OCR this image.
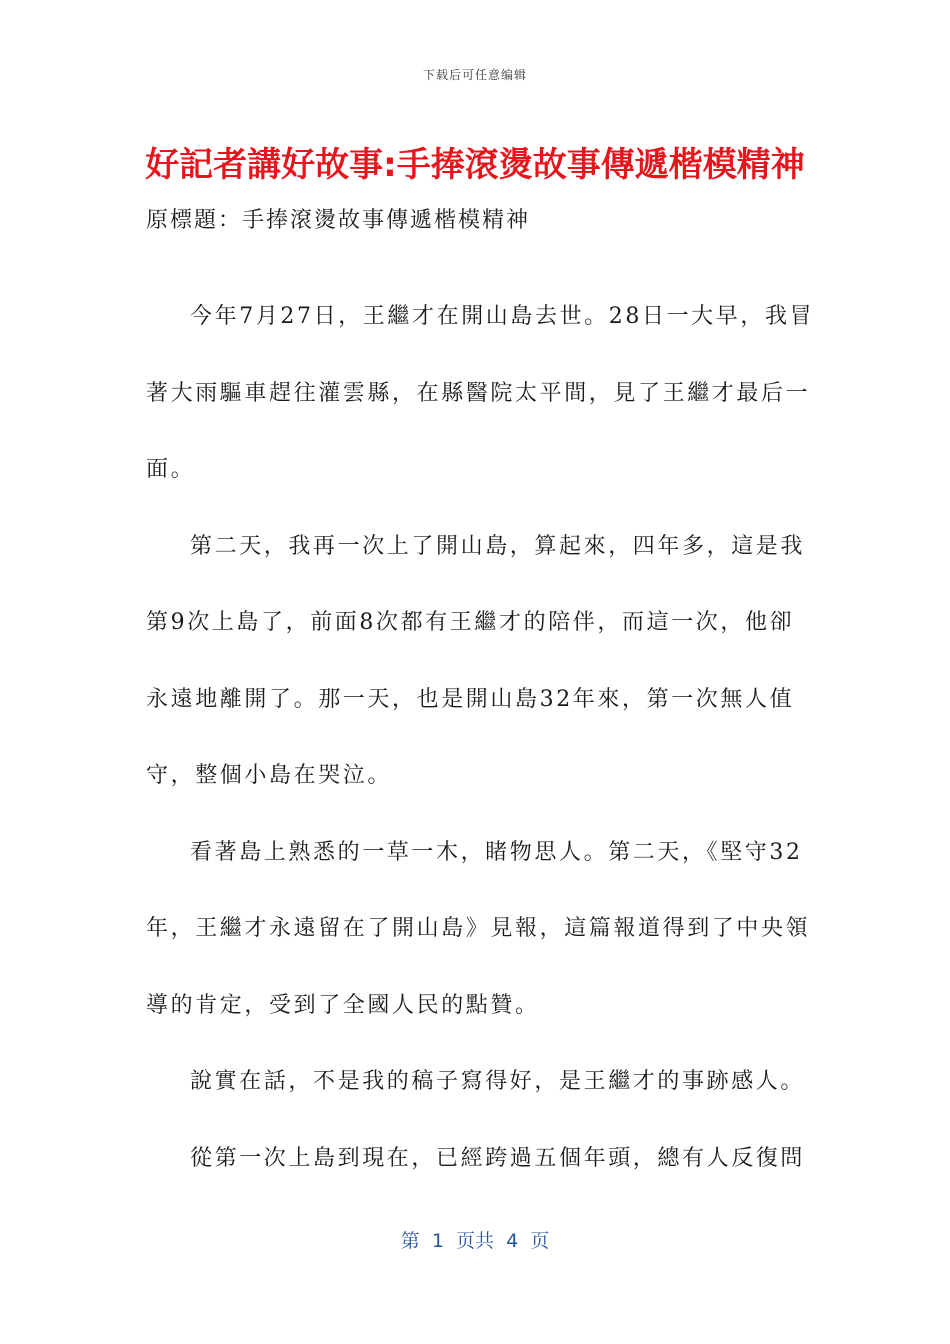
下载后可任意编辑
好記者講好故事:手捧滾燙故事傳遞楷模精神
原標題：手捧滾燙故事傳遞楷模精神

今年7月27日，王繼才在開山島去世。28日一大早，我冒著大雨驅車趕往灌雲縣，在縣醫院太平間，見了王繼才最后一面。

第二天，我再一次上了開山島，算起來，四年多，這是我第9次上島了，前面8次都有王繼才的陪伴，而這一次，他卻永遠地離開了。那一天，也是開山島32年來，第一次無人值守，整個小島在哭泣。

看著島上熟悉的一草一木，睹物思人。第二天，《堅守32年，王繼才永遠留在了開山島》見報，這篇報道得到了中央領導的肯定，受到了全國人民的點贊。

說實在話，不是我的稿子寫得好，是王繼才的事跡感人。

從第一次上島到現在，已經跨過五個年頭，總有人反復問

第  1  页共  4  页
